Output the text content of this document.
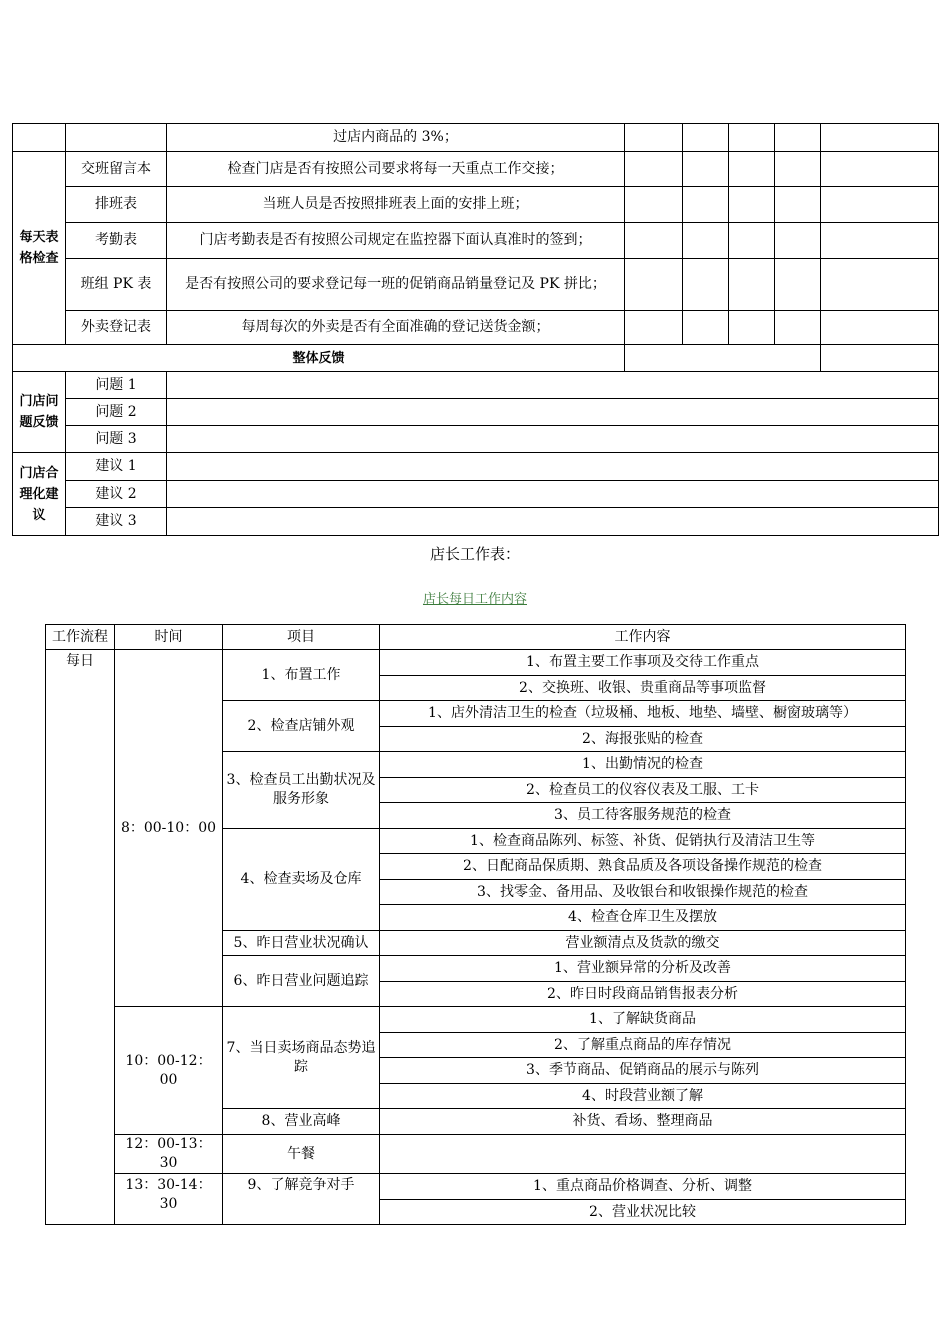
		过店内商品的 3%；					
每天表格检查	交班留言本	检查门店是否有按照公司要求将每一天重点工作交接；					
	排班表	当班人员是否按照排班表上面的安排上班；					
	考勤表	门店考勤表是否有按照公司规定在监控器下面认真准时的签到；					
	班组 PK 表	是否有按照公司的要求登记每一班的促销商品销量登记及 PK 拼比；					
	外卖登记表	每周每次的外卖是否有全面准确的登记送货金额；					
整体反馈							
门店问题反馈	问题 1						
	问题 2						
	问题 3						
门店合理化建议	建议 1						
	建议 2						
	建议 3						
店长工作表：
店长每日工作内容
工作流程	时间	项目	工作内容
每日	8：00-10：00	1、布置工作	1、布置主要工作事项及交待工作重点
			2、交换班、收银、贵重商品等事项监督
		2、检查店铺外观	1、店外清洁卫生的检查（垃圾桶、地板、地垫、墙壁、橱窗玻璃等）
			2、海报张贴的检查
		3、检查员工出勤状况及服务形象	1、出勤情况的检查
			2、检查员工的仪容仪表及工服、工卡
			3、员工待客服务规范的检查
		4、检查卖场及仓库	1、检查商品陈列、标签、补货、促销执行及清洁卫生等
			2、日配商品保质期、熟食品质及各项设备操作规范的检查
			3、找零金、备用品、及收银台和收银操作规范的检查
			4、检查仓库卫生及摆放
		5、昨日营业状况确认	营业额清点及货款的缴交
		6、昨日营业问题追踪	1、营业额异常的分析及改善
			2、昨日时段商品销售报表分析
	10：00-12：00	7、当日卖场商品态势追踪	1、了解缺货商品
			2、了解重点商品的库存情况
			3、季节商品、促销商品的展示与陈列
			4、时段营业额了解
		8、营业高峰	补货、看场、整理商品
	12：00-13：30	午餐	
	13：30-14：30	9、了解竞争对手	1、重点商品价格调查、分析、调整
			2、营业状况比较
